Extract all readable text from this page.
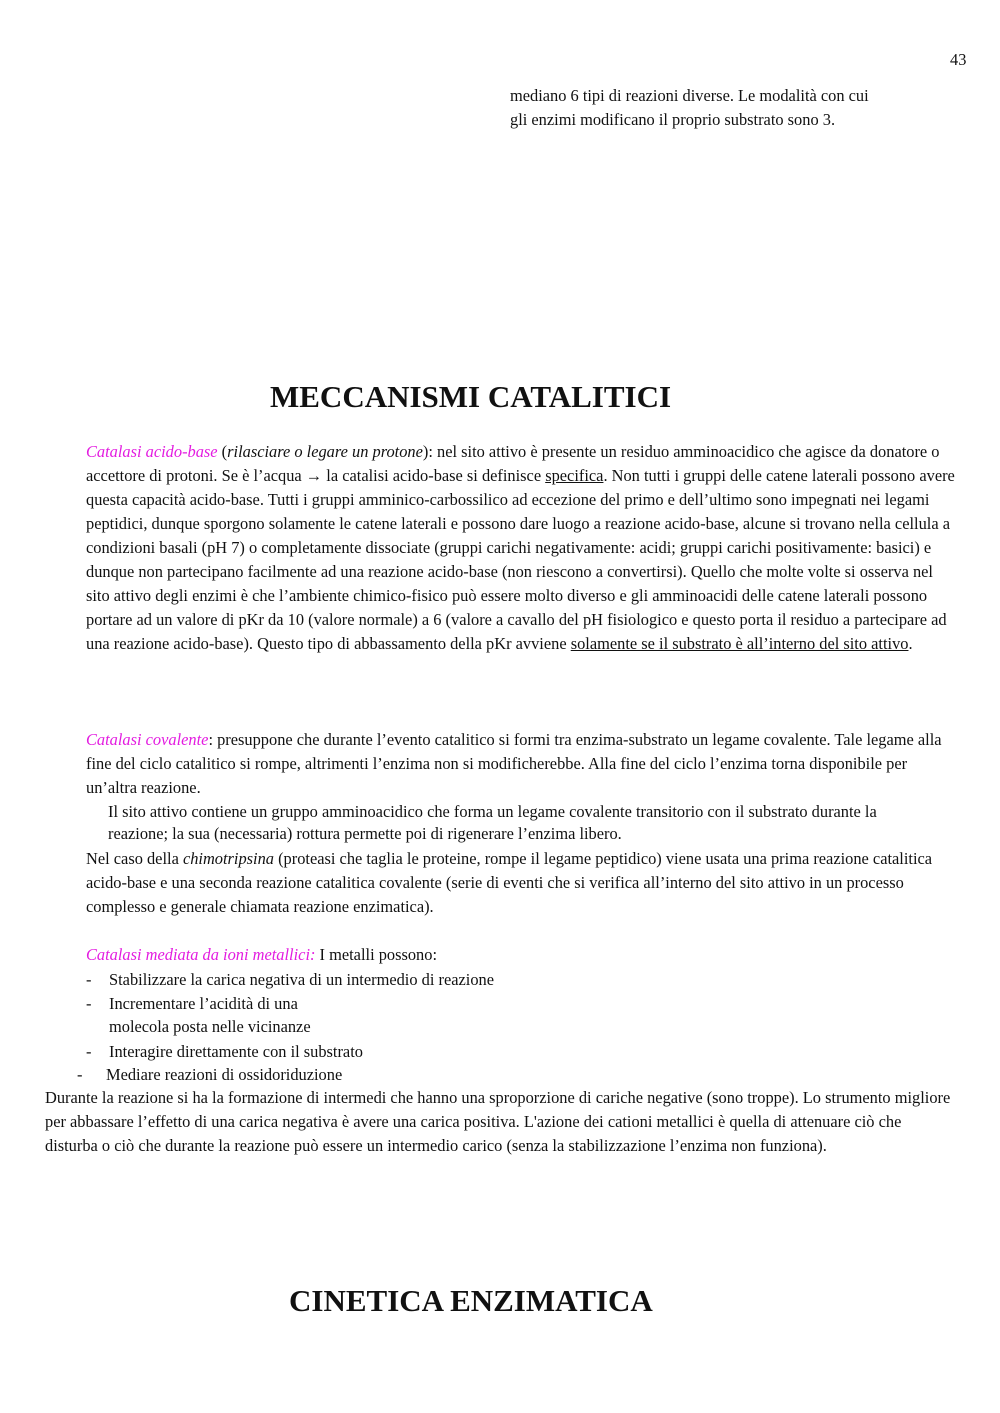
43
mediano 6 tipi di reazioni diverse. Le modalità con cui
gli enzimi modificano il proprio substrato sono 3.
MECCANISMI CATALITICI
Catalasi acido-base (rilasciare o legare un protone): nel sito attivo è presente un residuo amminoacidico che agisce da donatore o accettore di protoni. Se è l’acqua → la catalisi acido-base si definisce specifica. Non tutti i gruppi delle catene laterali possono avere questa capacità acido-base. Tutti i gruppi amminico-carbossilico ad eccezione del primo e dell’ultimo sono impegnati nei legami peptidici, dunque sporgono solamente le catene laterali e possono dare luogo a reazione acido-base, alcune si trovano nella cellula a condizioni basali (pH 7) o completamente dissociate (gruppi carichi negativamente: acidi; gruppi carichi positivamente: basici) e dunque non partecipano facilmente ad una reazione acido-base (non riescono a convertirsi). Quello che molte volte si osserva nel sito attivo degli enzimi è che l’ambiente chimico-fisico può essere molto diverso e gli amminoacidi delle catene laterali possono portare ad un valore di pKr da 10 (valore normale) a 6 (valore a cavallo del pH fisiologico e questo porta il residuo a partecipare ad una reazione acido-base). Questo tipo di abbassamento della pKr avviene solamente se il substrato è all’interno del sito attivo.
Catalasi covalente: presuppone che durante l’evento catalitico si formi tra enzima-substrato un legame covalente. Tale legame alla fine del ciclo catalitico si rompe, altrimenti l’enzima non si modificherebbe. Alla fine del ciclo l’enzima torna disponibile per un’altra reazione.
Il sito attivo contiene un gruppo amminoacidico che forma un legame covalente transitorio con il substrato durante la reazione; la sua (necessaria) rottura permette poi di rigenerare l’enzima libero.
Nel caso della chimotripsina (proteasi che taglia le proteine, rompe il legame peptidico) viene usata una prima reazione catalitica acido-base e una seconda reazione catalitica covalente (serie di eventi che si verifica all’interno del sito attivo in un processo complesso e generale chiamata reazione enzimatica).
Catalasi mediata da ioni metallici: I metalli possono:
- Stabilizzare la carica negativa di un intermedio di reazione
- Incrementare l’acidità di una
molecola posta nelle vicinanze
- Interagire direttamente con il substrato
- Mediare reazioni di ossidoriduzione
Durante la reazione si ha la formazione di intermedi che hanno una sproporzione di cariche negative (sono troppe). Lo strumento migliore per abbassare l’effetto di una carica negativa è avere una carica positiva. L'azione dei cationi metallici è quella di attenuare ciò che disturba o ciò che durante la reazione può essere un intermedio carico (senza la stabilizzazione l’enzima non funziona).
CINETICA ENZIMATICA
